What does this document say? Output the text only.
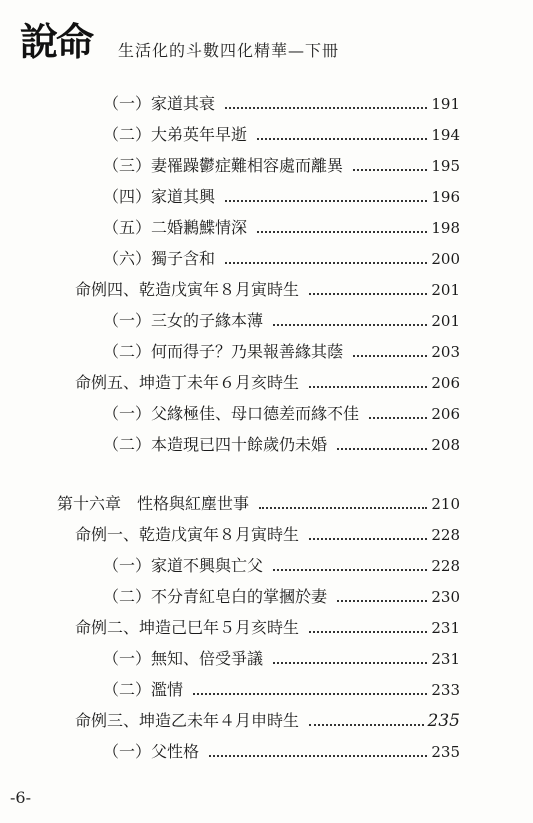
說命 生活化的斗數四化精華—下冊
（一）家道其衰	191
（二）大弟英年早逝	194
（三）妻罹躁鬱症難相容處而離異	195
（四）家道其興	196
（五）二婚鶼鰈情深	198
（六）獨子含和	200
命例四、乾造戊寅年８月寅時生	201
（一）三女的子緣本薄	201
（二）何而得子？乃果報善緣其蔭	203
命例五、坤造丁未年６月亥時生	206
（一）父緣極佳、母口德差而緣不佳	206
（二）本造現已四十餘歲仍未婚	208
第十六章　性格與紅塵世事	210
命例一、乾造戊寅年８月寅時生	228
（一）家道不興與亡父	228
（二）不分青紅皂白的掌摑於妻	230
命例二、坤造己巳年５月亥時生	231
（一）無知、倍受爭議	231
（二）濫情	233
命例三、坤造乙未年４月申時生	235
（一）父性格	235
-6-
